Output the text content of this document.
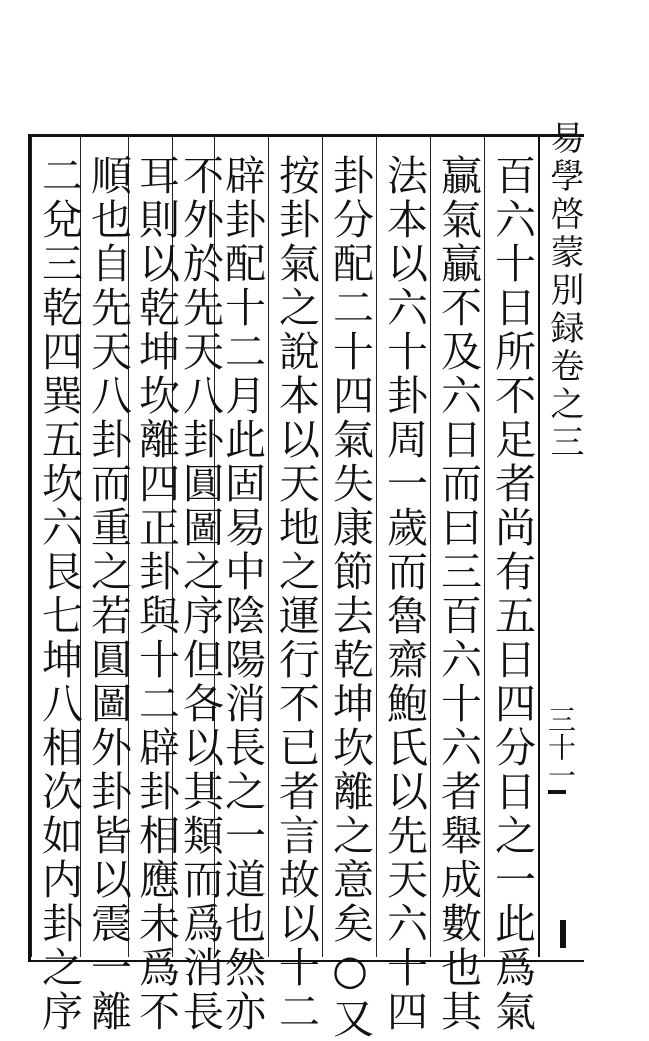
易學啓蒙別録卷之三
三十一
百六十日所不足者尚有五日四分日之一此爲氣
贏氣贏不及六日而曰三百六十六者舉成數也其
法本以六十卦周一歲而魯齋鮑氏以先天六十四
卦分配二十四氣失康節去乾坤坎離之意矣○又
按卦氣之說本以天地之運行不已者言故以十二
辟卦配十二月此固易中陰陽消長之一道也然亦
不外於先天八卦圓圖之序但各以其類而爲消長
耳則以乾坤坎離四正卦與十二辟卦相應未爲不
順也自先天八卦而重之若圓圖外卦皆以震一離
二兌三乾四巽五坎六艮七坤八相次如内卦之序
